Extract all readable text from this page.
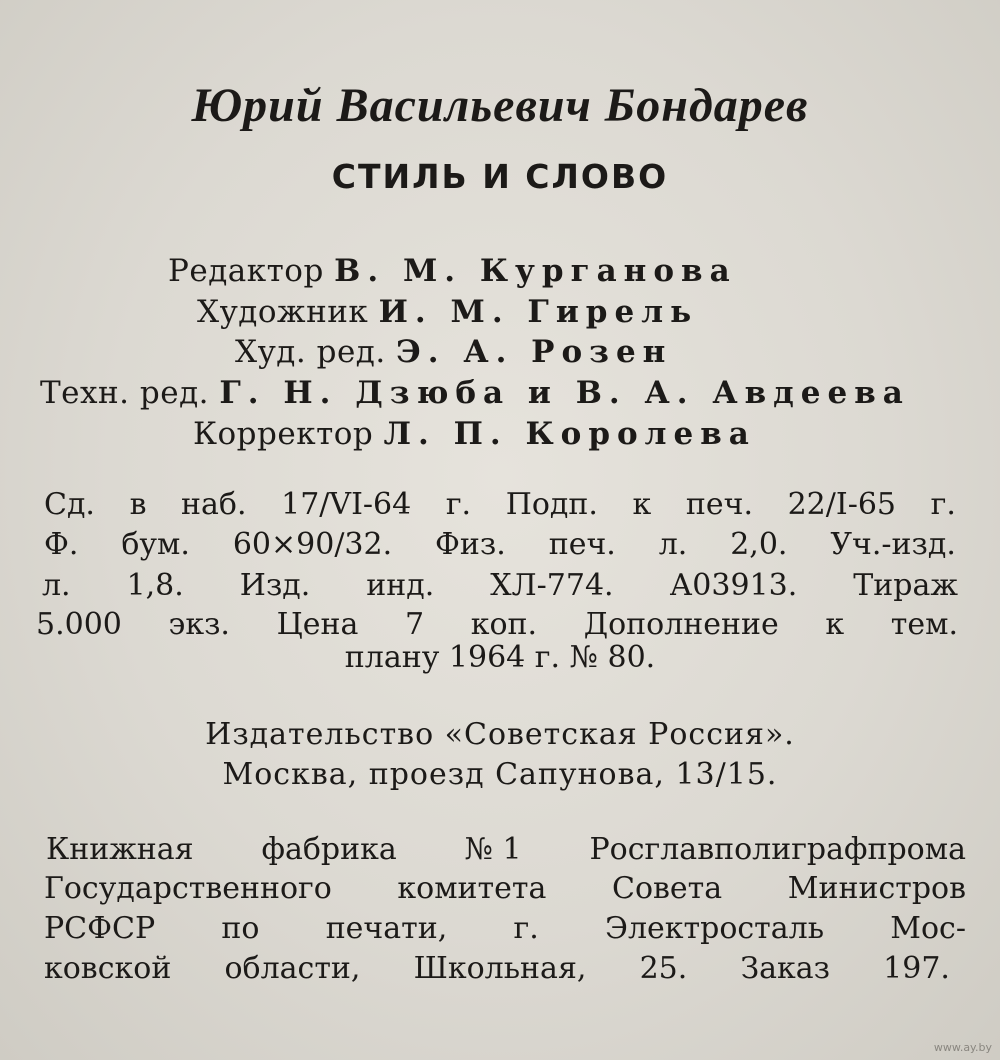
Юрий Васильевич Бондарев
СТИЛЬ И СЛОВО
Редактор В. М. Курганова
Художник И. М. Гирель
Худ. ред. Э. А. Розен
Техн. ред. Г. Н. Дзюба и В. А. Авдеева
Корректор Л. П. Королева
Сд. в наб. 17/VI-64 г. Подп. к печ. 22/I-65 г.
Ф. бум. 60×90/32. Физ. печ. л. 2,0. Уч.-изд.
л. 1,8. Изд. инд. ХЛ-774. А03913. Тираж
5.000 экз. Цена 7 коп. Дополнение к тем.
плану 1964 г. № 80.
Издательство «Советская Россия».
Москва, проезд Сапунова, 13/15.
Книжная фабрика № 1 Росглавполиграфпрома
Государственного комитета Совета Министров
РСФСР по печати, г. Электросталь Мос-
ковской области, Школьная, 25. Заказ 197.
www.ay.by
